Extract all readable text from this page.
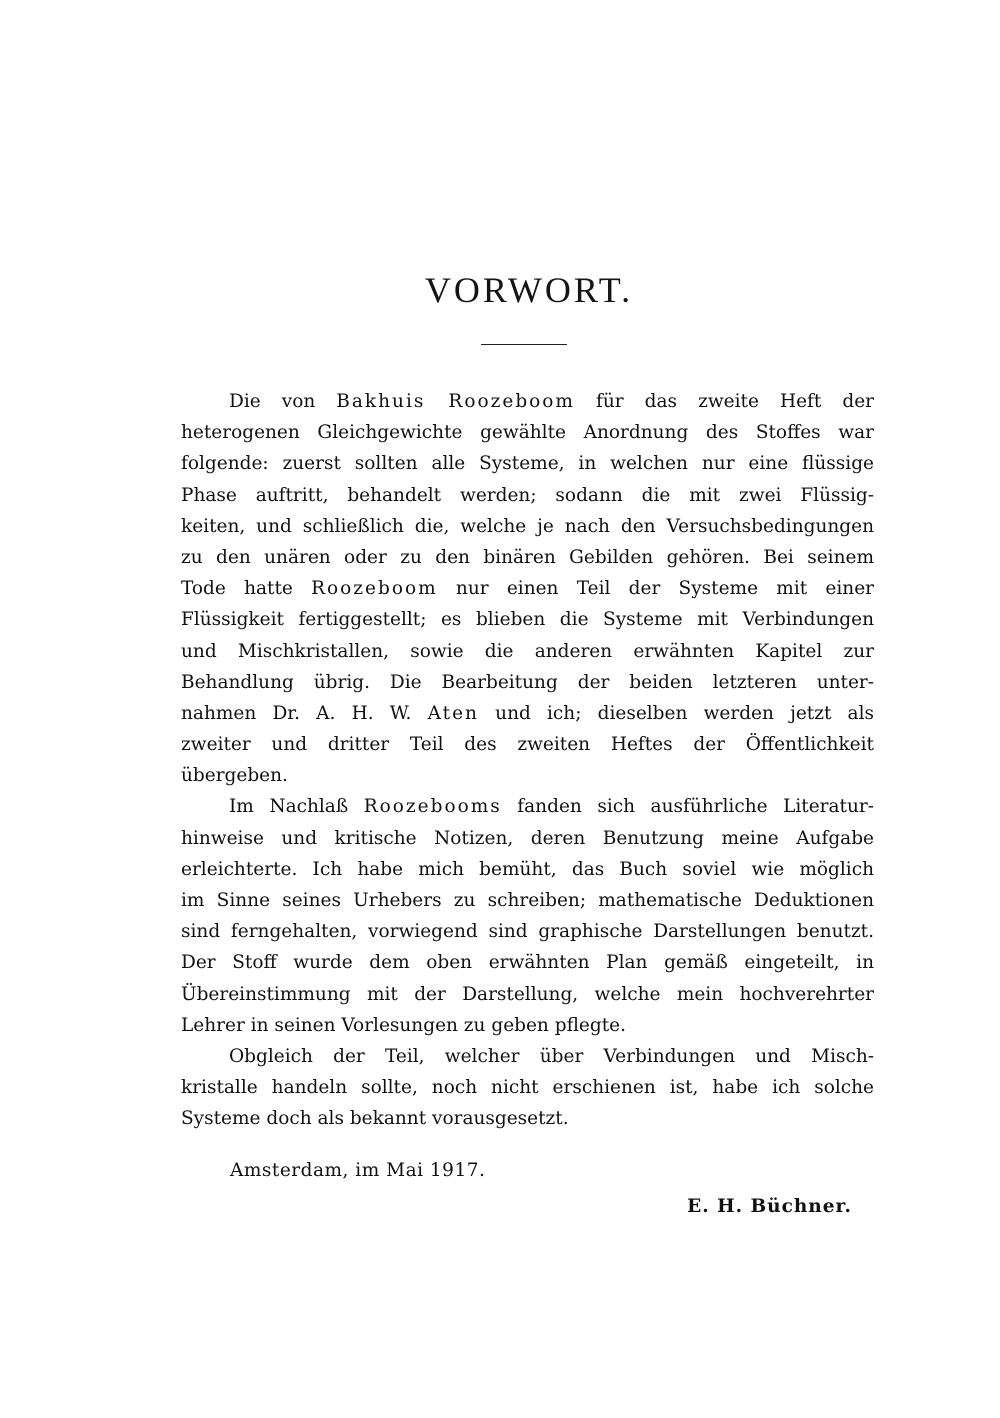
VORWORT.
Die von Bakhuis Roozeboom für das zweite Heft der
heterogenen Gleichgewichte gewählte Anordnung des Stoffes war
folgende: zuerst sollten alle Systeme, in welchen nur eine flüssige
Phase auftritt, behandelt werden; sodann die mit zwei Flüssig-
keiten, und schließlich die, welche je nach den Versuchsbedingungen
zu den unären oder zu den binären Gebilden gehören. Bei seinem
Tode hatte Roozeboom nur einen Teil der Systeme mit einer
Flüssigkeit fertiggestellt; es blieben die Systeme mit Verbindungen
und Mischkristallen, sowie die anderen erwähnten Kapitel zur
Behandlung übrig. Die Bearbeitung der beiden letzteren unter-
nahmen Dr. A. H. W. Aten und ich; dieselben werden jetzt als
zweiter und dritter Teil des zweiten Heftes der Öffentlichkeit
übergeben.
Im Nachlaß Roozebooms fanden sich ausführliche Literatur-
hinweise und kritische Notizen, deren Benutzung meine Aufgabe
erleichterte. Ich habe mich bemüht, das Buch soviel wie möglich
im Sinne seines Urhebers zu schreiben; mathematische Deduktionen
sind ferngehalten, vorwiegend sind graphische Darstellungen benutzt.
Der Stoff wurde dem oben erwähnten Plan gemäß eingeteilt, in
Übereinstimmung mit der Darstellung, welche mein hochverehrter
Lehrer in seinen Vorlesungen zu geben pflegte.
Obgleich der Teil, welcher über Verbindungen und Misch-
kristalle handeln sollte, noch nicht erschienen ist, habe ich solche
Systeme doch als bekannt vorausgesetzt.
Amsterdam, im Mai 1917.
E. H. Büchner.
